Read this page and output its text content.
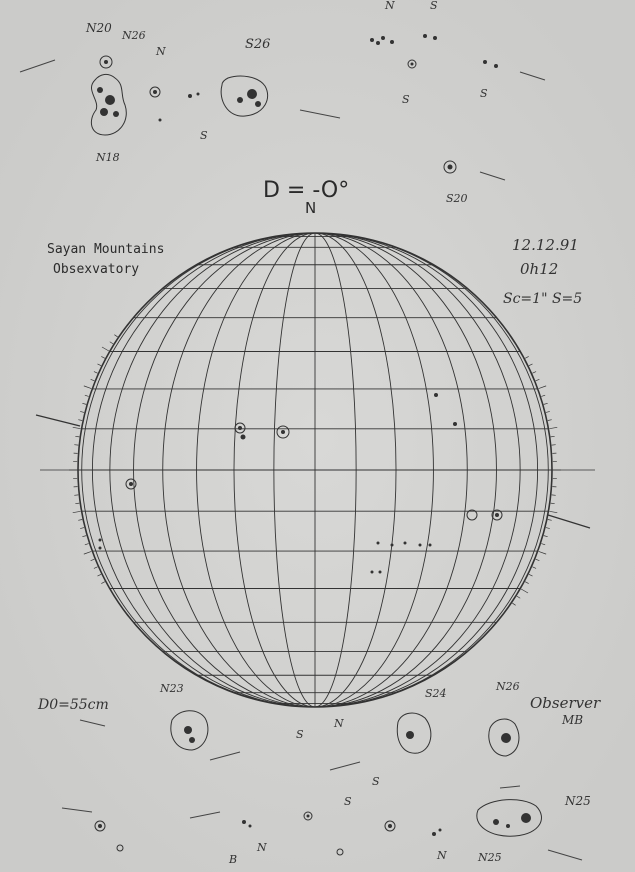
D = -O°
N
Sayan Mountains
Obsexvatory
12.12.91
0h12
Sc=1" S=5
D0=55cm	Observer
MB
N20
N26
N	S26
N18
S
N	S
S	S
S20
N23	S24
N26
N25
N25
N
S
S
S
B
N
N
